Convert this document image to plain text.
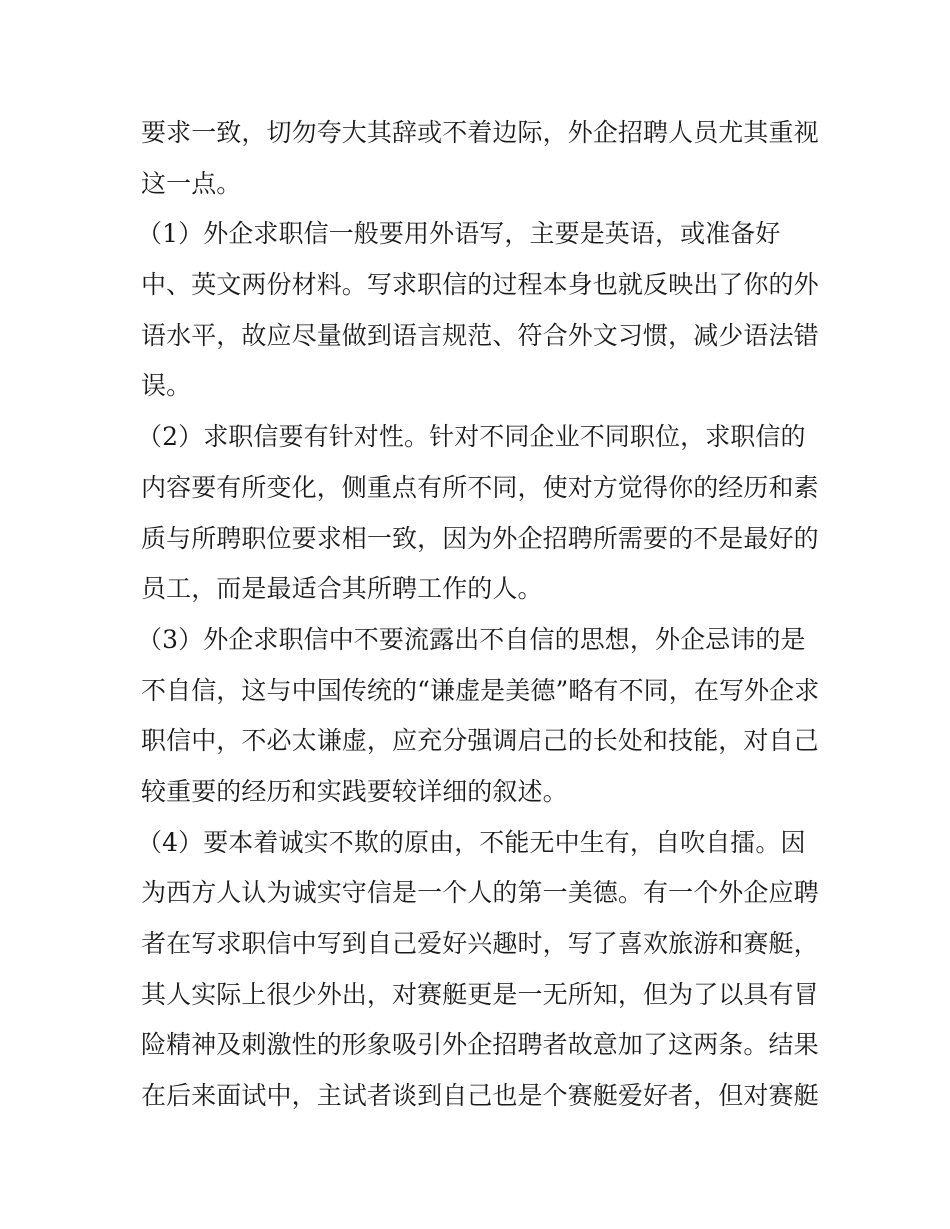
要求一致，切勿夸大其辞或不着边际，外企招聘人员尤其重视
这一点。
（1）外企求职信一般要用外语写，主要是英语，或准备好
中、英文两份材料。写求职信的过程本身也就反映出了你的外
语水平，故应尽量做到语言规范、符合外文习惯，减少语法错
误。
（2）求职信要有针对性。针对不同企业不同职位，求职信的
内容要有所变化，侧重点有所不同，使对方觉得你的经历和素
质与所聘职位要求相一致，因为外企招聘所需要的不是最好的
员工，而是最适合其所聘工作的人。
（3）外企求职信中不要流露出不自信的思想，外企忌讳的是
不自信，这与中国传统的“谦虚是美德”略有不同，在写外企求
职信中，不必太谦虚，应充分强调启己的长处和技能，对自己
较重要的经历和实践要较详细的叙述。
（4）要本着诚实不欺的原由，不能无中生有，自吹自擂。因
为西方人认为诚实守信是一个人的第一美德。有一个外企应聘
者在写求职信中写到自己爱好兴趣时，写了喜欢旅游和赛艇，
其人实际上很少外出，对赛艇更是一无所知，但为了以具有冒
险精神及刺激性的形象吸引外企招聘者故意加了这两条。结果
在后来面试中，主试者谈到自己也是个赛艇爱好者，但对赛艇
